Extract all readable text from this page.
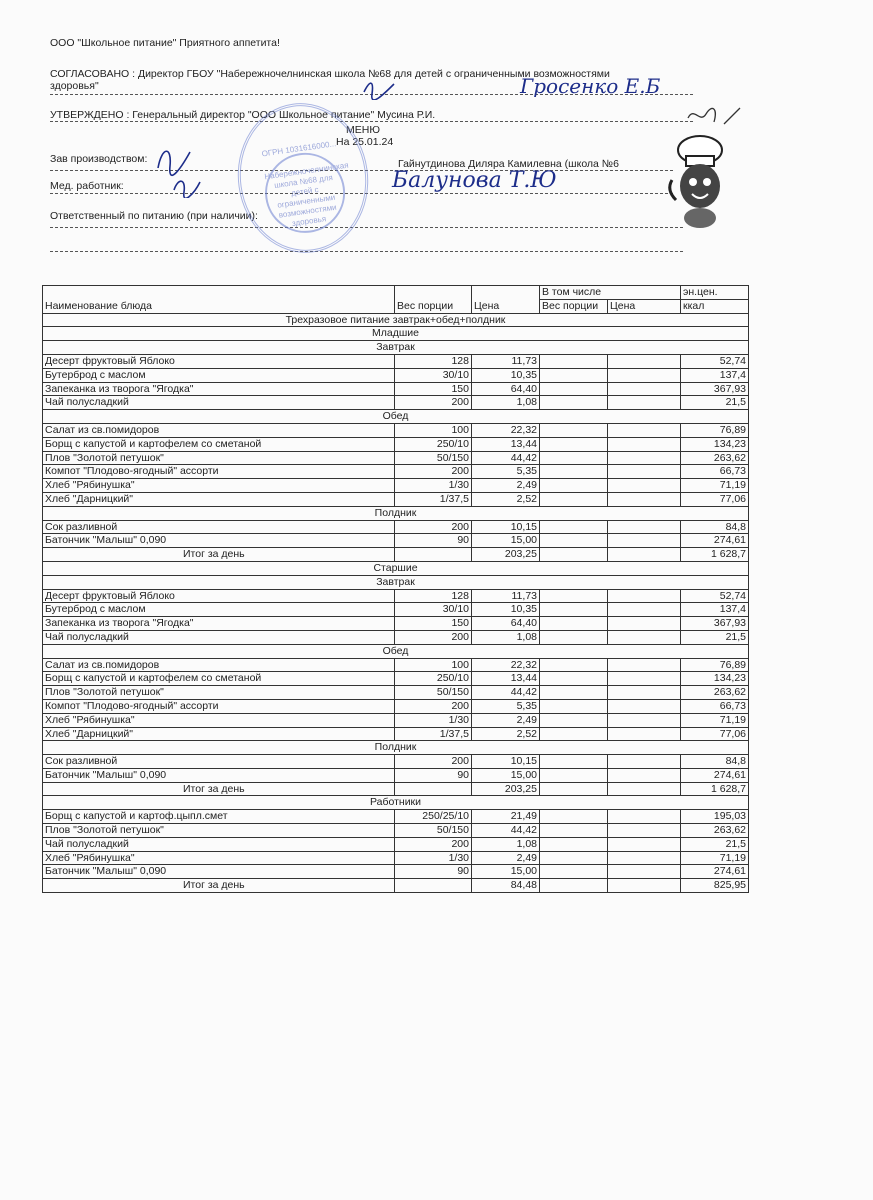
ООО "Школьное питание" Приятного аппетита!
СОГЛАСОВАНО : Директор ГБОУ "Набережночелнинская школа №68 для детей с ограниченными возможностями
здоровья"
УТВЕРЖДЕНО : Генеральный директор "ООО Школьное питание" Мусина Р.И.
МЕНЮ
На 25.01.24
Зав производством:	Гайнутдинова Диляра Камилевна (школа №6
Мед. работник:
Ответственный по питанию (при наличии):
Гросенко Е.Б
Балунова Т.Ю
ОГРН 1031616000...
Набережночелнинская школа №68 для детей с ограниченными возможностями здоровья
Наименование блюда	Вес порции	Цена	В том числе		эн.цен.
			Вес порции	Цена	ккал
Трехразовое питание завтрак+обед+полдник					
Младшие					
Завтрак					
Десерт фруктовый Яблоко	128	11,73			52,74
Бутерброд с маслом	30/10	10,35			137,4
Запеканка из творога "Ягодка"	150	64,40			367,93
Чай полусладкий	200	1,08			21,5
Обед					
Салат из св.помидоров	100	22,32			76,89
Борщ с капустой и картофелем со сметаной	250/10	13,44			134,23
Плов "Золотой петушок"	50/150	44,42			263,62
Компот "Плодово-ягодный" ассорти	200	5,35			66,73
Хлеб "Рябинушка"	1/30	2,49			71,19
Хлеб "Дарницкий"	1/37,5	2,52			77,06
Полдник					
Сок разливной	200	10,15			84,8
Батончик "Малыш" 0,090	90	15,00			274,61
Итог за день		203,25			1 628,7
Старшие					
Завтрак					
Десерт фруктовый Яблоко	128	11,73			52,74
Бутерброд с маслом	30/10	10,35			137,4
Запеканка из творога "Ягодка"	150	64,40			367,93
Чай полусладкий	200	1,08			21,5
Обед					
Салат из св.помидоров	100	22,32			76,89
Борщ с капустой и картофелем со сметаной	250/10	13,44			134,23
Плов "Золотой петушок"	50/150	44,42			263,62
Компот "Плодово-ягодный" ассорти	200	5,35			66,73
Хлеб "Рябинушка"	1/30	2,49			71,19
Хлеб "Дарницкий"	1/37,5	2,52			77,06
Полдник					
Сок разливной	200	10,15			84,8
Батончик "Малыш" 0,090	90	15,00			274,61
Итог за день		203,25			1 628,7
Работники					
Борщ с капустой и картоф.цыпл.смет	250/25/10	21,49			195,03
Плов "Золотой петушок"	50/150	44,42			263,62
Чай полусладкий	200	1,08			21,5
Хлеб "Рябинушка"	1/30	2,49			71,19
Батончик "Малыш" 0,090	90	15,00			274,61
Итог за день		84,48			825,95
